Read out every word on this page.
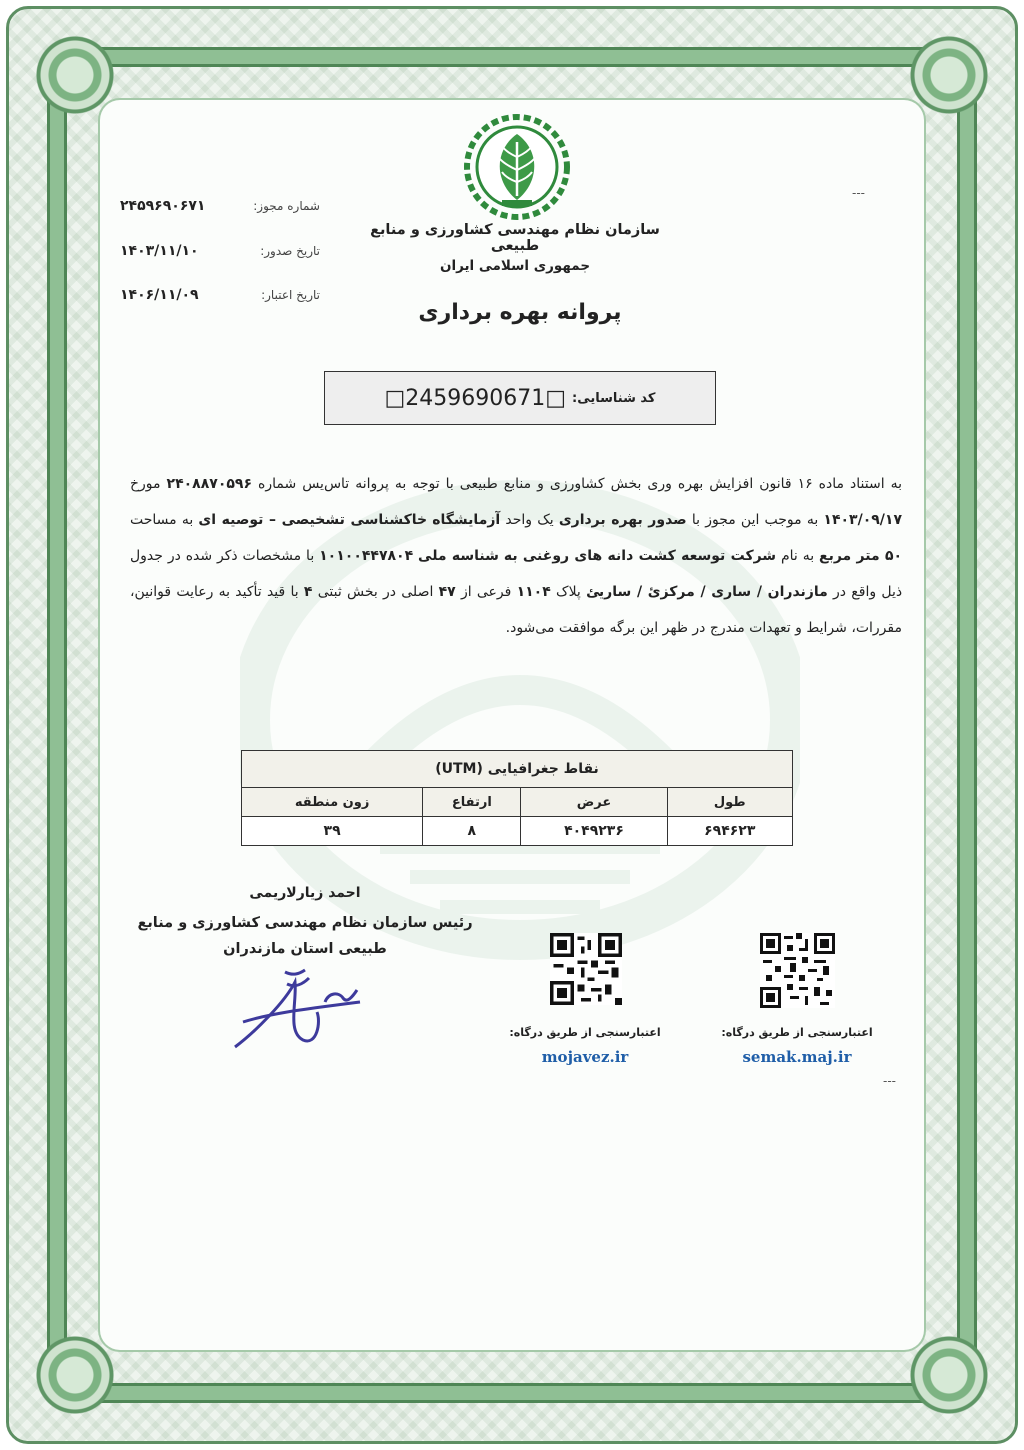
---
سازمان نظام مهندسی کشاورزی و منابع طبیعی
جمهوری اسلامی ایران
پروانه بهره برداری
شماره مجوز:
۲۴۵۹۶۹۰۶۷۱
تاریخ صدور:
۱۴۰۳/۱۱/۱۰
تاریخ اعتبار:
۱۴۰۶/۱۱/۰۹
کد شناسایی:
□2459690671□
به استناد ماده ۱۶ قانون افزایش بهره وری بخش کشاورزی و منابع طبیعی با توجه به پروانه تاس‌یس شماره ۲۴۰۸۸۷۰۵۹۶ مورخ ۱۴۰۳/۰۹/۱۷ به موجب این مجوز با صدور بهره برداری یک واحد آزمایشگاه خاکشناسی تشخیصی – توصیه ای به مساحت ۵۰ متر مربع به نام شرکت توسعه کشت دانه های روغنی به شناسه ملی ۱۰۱۰۰۴۴۷۸۰۴ با مشخصات ذکر شده در جدول ذیل واقع در مازندران / ساری / مرکزئ / ساریئ پلاک ۱۱۰۴ فرعی از ۴۷ اصلی در بخش ثبتی ۴ با قید تأکید به رعایت قوانین، مقررات، شرایط و تعهدات مندرج در ظهر این برگه موافقت می‌شود.
نقاط جغرافیایی (UTM)			
طول	عرض	ارتفاع	زون منطقه
۶۹۴۶۲۳	۴۰۴۹۲۳۶	۸	۳۹
احمد زیارلاریمی
رئیس سازمان نظام مهندسی کشاورزی و منابع طبیعی استان مازندران
اعتبارسنجی از طریق درگاه:
mojavez.ir
اعتبارسنجی از طریق درگاه:
semak.maj.ir
---
